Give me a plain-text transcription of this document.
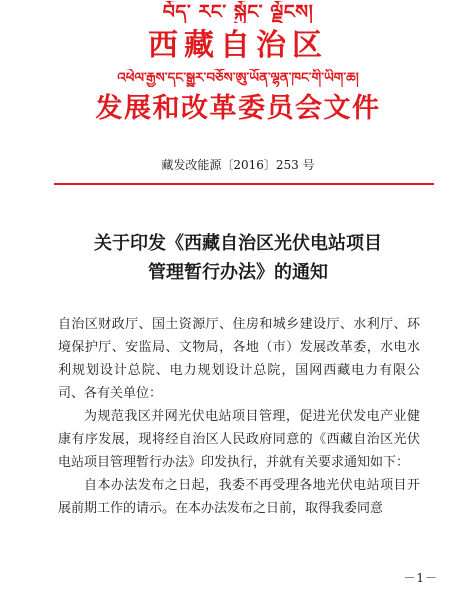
བོད་ རང་ སྐྱོང་ ལྗོངས།
西藏自治区
འཕེལ་རྒྱས་དང་སྒྱུར་བཅོས་ཨུ་ཡོན་ལྷན་ཁང་གི་ཡིག་ཆ།
发展和改革委员会文件
藏发改能源〔2016〕253 号
关于印发《西藏自治区光伏电站项目
管理暂行办法》的通知

自治区财政厅、国土资源厅、住房和城乡建设厅、水利厅、环境保护厅、安监局、文物局，各地（市）发展改革委，水电水利规划设计总院、电力规划设计总院，国网西藏电力有限公司、各有关单位：

为规范我区并网光伏电站项目管理，促进光伏发电产业健康有序发展，现将经自治区人民政府同意的《西藏自治区光伏电站项目管理暂行办法》印发执行，并就有关要求通知如下：

自本办法发布之日起，我委不再受理各地光伏电站项目开展前期工作的请示。在本办法发布之日前，取得我委同意

－1－
